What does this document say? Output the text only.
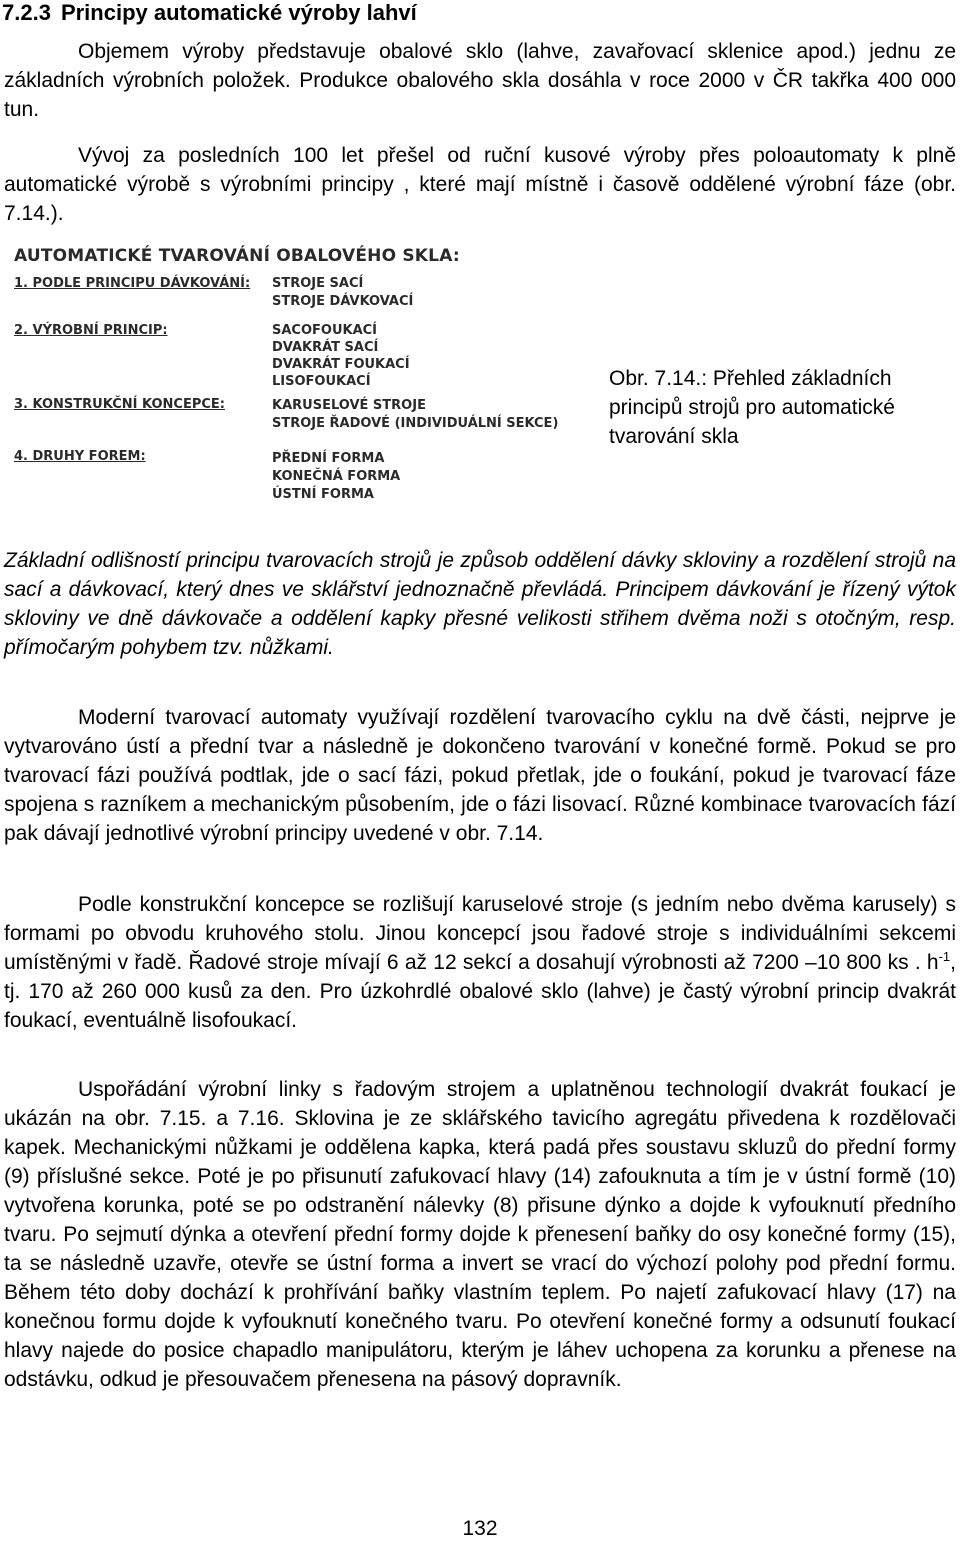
7.2.3 Principy automatické výroby lahví

Objemem výroby představuje obalové sklo (lahve, zavařovací sklenice apod.) jednu ze základních výrobních položek. Produkce obalového skla dosáhla v roce 2000 v ČR takřka 400 000 tun.

Vývoj za posledních 100 let přešel od ruční kusové výroby přes poloautomaty k plně automatické výrobě s výrobními principy , které mají místně i časově oddělené výrobní fáze (obr. 7.14.).

AUTOMATICKÉ TVAROVÁNÍ OBALOVÉHO SKLA:
1. PODLE PRINCIPU DÁVKOVÁNÍ: STROJE SACÍ
STROJE DÁVKOVACÍ
2. VÝROBNÍ PRINCIP:	SACOFOUKACÍ
DVAKRÁT SACÍ
DVAKRÁT FOUKACÍ
LISOFOUKACÍ
3. KONSTRUKČNÍ KONCEPCE:	KARUSELOVÉ STROJE
STROJE ŘADOVÉ (INDIVIDUÁLNÍ SEKCE)
4. DRUHY FOREM:	PŘEDNÍ FORMA
KONEČNÁ FORMA
ÚSTNÍ FORMA
Obr. 7.14.: Přehled základních principů strojů pro automatické tvarování skla

Základní odlišností principu tvarovacích strojů je způsob oddělení dávky skloviny a rozdělení strojů na sací a dávkovací, který dnes ve sklářství jednoznačně převládá. Principem dávkování je řízený výtok skloviny ve dně dávkovače a oddělení kapky přesné velikosti střihem dvěma noži s otočným, resp. přímočarým pohybem tzv. nůžkami.

Moderní tvarovací automaty využívají rozdělení tvarovacího cyklu na dvě části, nejprve je vytvarováno ústí a přední tvar a následně je dokončeno tvarování v konečné formě. Pokud se pro tvarovací fázi používá podtlak, jde o sací fázi, pokud přetlak, jde o foukání, pokud je tvarovací fáze spojena s razníkem a mechanickým působením, jde o fázi lisovací. Různé kombinace tvarovacích fází pak dávají jednotlivé výrobní principy uvedené v obr. 7.14.

Podle konstrukční koncepce se rozlišují karuselové stroje (s jedním nebo dvěma karusely) s formami po obvodu kruhového stolu. Jinou koncepcí jsou řadové stroje s individuálními sekcemi umístěnými v řadě. Řadové stroje mívají 6 až 12 sekcí a dosahují výrobnosti až 7200 –10 800 ks . $h^{-1}$, tj. 170 až 260 000 kusů za den. Pro úzkohrdlé obalové sklo (lahve) je častý výrobní princip dvakrát foukací, eventuálně lisofoukací.

Uspořádání výrobní linky s řadovým strojem a uplatněnou technologií dvakrát foukací je ukázán na obr. 7.15. a 7.16. Sklovina je ze sklářského tavicího agregátu přivedena k rozdělovači kapek. Mechanickými nůžkami je oddělena kapka, která padá přes soustavu skluzů do přední formy (9) příslušné sekce. Poté je po přisunutí zafukovací hlavy (14) zafouknuta a tím je v ústní formě (10) vytvořena korunka, poté se po odstranění nálevky (8) přisune dýnko a dojde k vyfouknutí předního tvaru. Po sejmutí dýnka a otevření přední formy dojde k přenesení baňky do osy konečné formy (15), ta se následně uzavře, otevře se ústní forma a invert se vrací do výchozí polohy pod přední formu. Během této doby dochází k prohřívání baňky vlastním teplem. Po najetí zafukovací hlavy (17) na konečnou formu dojde k vyfouknutí konečného tvaru. Po otevření konečné formy a odsunutí foukací hlavy najede do posice chapadlo manipulátoru, kterým je láhev uchopena za korunku a přenese na odstávku, odkud je přesouvačem přenesena na pásový dopravník.

132
